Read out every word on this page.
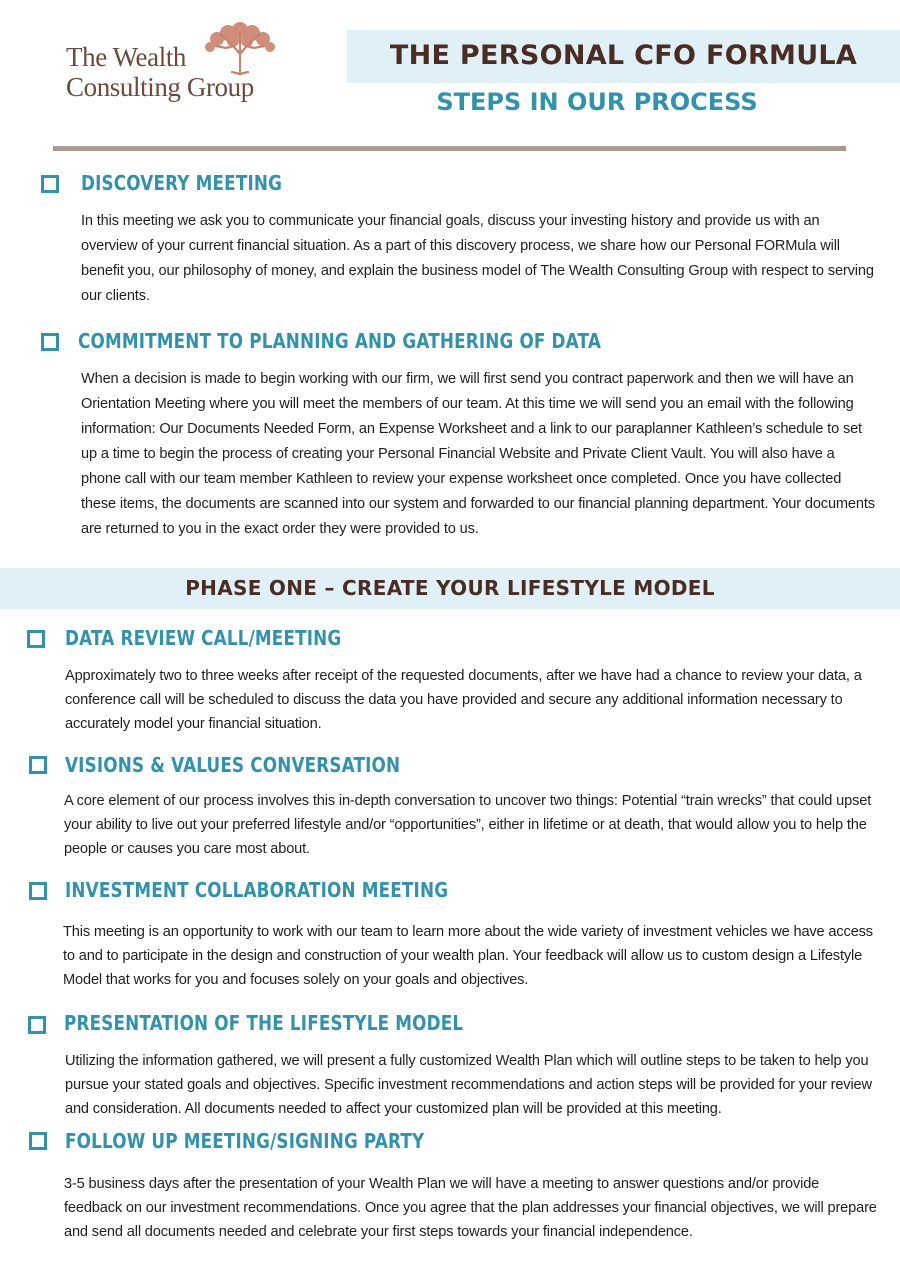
The Wealth
Consulting Group
THE PERSONAL CFO FORMULA
STEPS IN OUR PROCESS
DISCOVERY MEETING
In this meeting we ask you to communicate your financial goals, discuss your investing history and provide us with an overview of your current financial situation. As a part of this discovery process, we share how our Personal FORMula will benefit you, our philosophy of money, and explain the business model of The Wealth Consulting Group with respect to serving our clients.
COMMITMENT TO PLANNING AND GATHERING OF DATA
When a decision is made to begin working with our firm, we will first send you contract paperwork and then we will have an Orientation Meeting where you will meet the members of our team. At this time we will send you an email with the following information: Our Documents Needed Form, an Expense Worksheet and a link to our paraplanner Kathleen’s schedule to set up a time to begin the process of creating your Personal Financial Website and Private Client Vault. You will also have a phone call with our team member Kathleen to review your expense worksheet once completed. Once you have collected these items, the documents are scanned into our system and forwarded to our financial planning department. Your documents are returned to you in the exact order they were provided to us.
PHASE ONE – CREATE YOUR LIFESTYLE MODEL
DATA REVIEW CALL/MEETING
Approximately two to three weeks after receipt of the requested documents, after we have had a chance to review your data, a conference call will be scheduled to discuss the data you have provided and secure any additional information necessary to accurately model your financial situation.
VISIONS & VALUES CONVERSATION
A core element of our process involves this in-depth conversation to uncover two things: Potential “train wrecks” that could upset your ability to live out your preferred lifestyle and/or “opportunities”, either in lifetime or at death, that would allow you to help the people or causes you care most about.
INVESTMENT COLLABORATION MEETING
This meeting is an opportunity to work with our team to learn more about the wide variety of investment vehicles we have access to and to participate in the design and construction of your wealth plan. Your feedback will allow us to custom design a Lifestyle Model that works for you and focuses solely on your goals and objectives.
PRESENTATION OF THE LIFESTYLE MODEL
Utilizing the information gathered, we will present a fully customized Wealth Plan which will outline steps to be taken to help you pursue your stated goals and objectives. Specific investment recommendations and action steps will be provided for your review and consideration. All documents needed to affect your customized plan will be provided at this meeting.
FOLLOW UP MEETING/SIGNING PARTY
3-5 business days after the presentation of your Wealth Plan we will have a meeting to answer questions and/or provide feedback on our investment recommendations. Once you agree that the plan addresses your financial objectives, we will prepare and send all documents needed and celebrate your first steps towards your financial independence.
